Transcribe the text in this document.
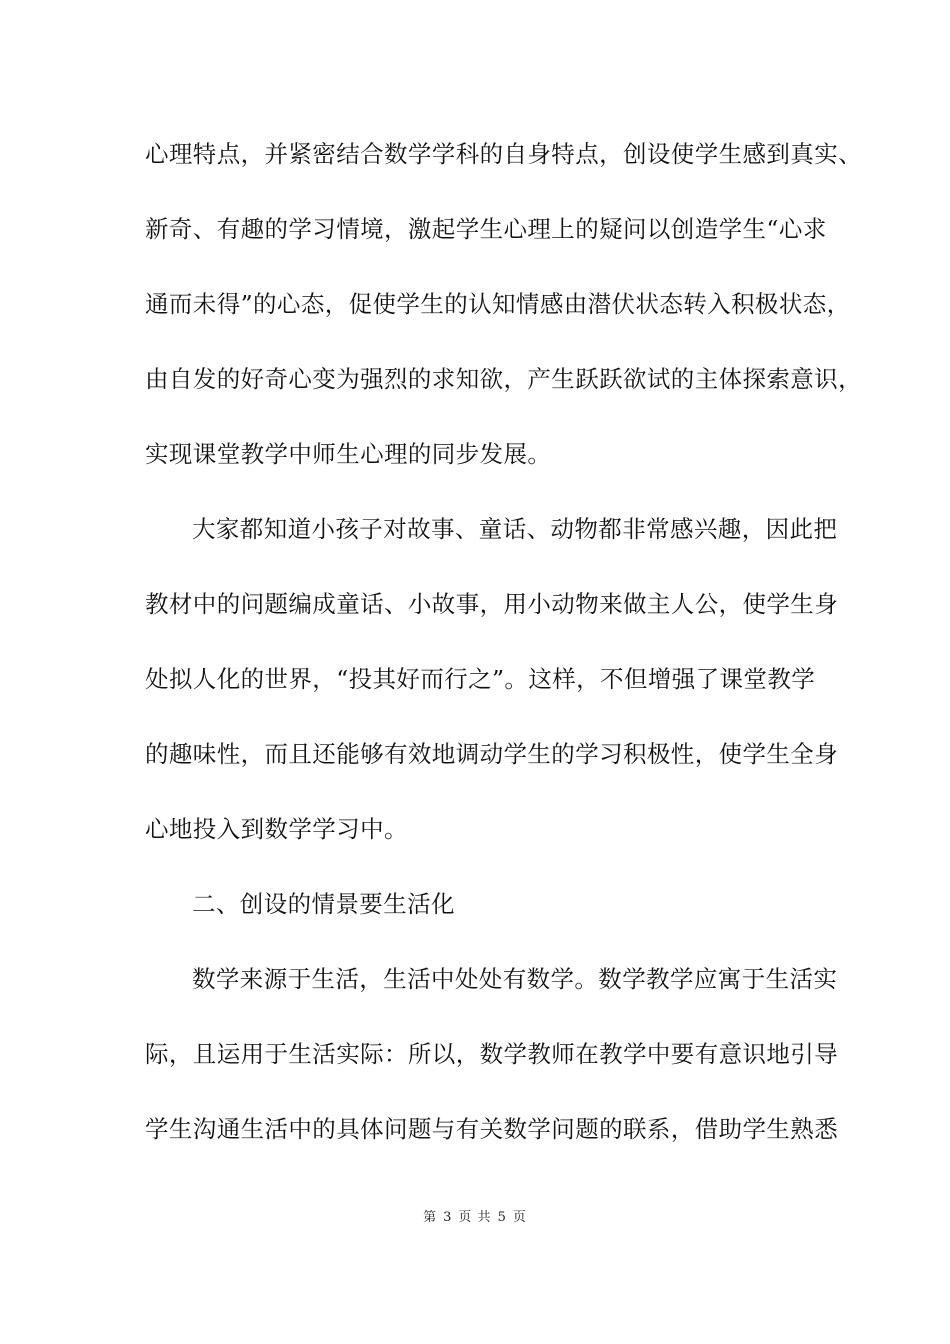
心理特点，并紧密结合数学学科的自身特点，创设使学生感到真实、
新奇、有趣的学习情境，激起学生心理上的疑问以创造学生“心求
通而未得”的心态，促使学生的认知情感由潜伏状态转入积极状态，
由自发的好奇心变为强烈的求知欲，产生跃跃欲试的主体探索意识，
实现课堂教学中师生心理的同步发展。
大家都知道小孩子对故事、童话、动物都非常感兴趣，因此把
教材中的问题编成童话、小故事，用小动物来做主人公，使学生身
处拟人化的世界，“投其好而行之”。这样，不但增强了课堂教学
的趣味性，而且还能够有效地调动学生的学习积极性，使学生全身
心地投入到数学学习中。
二、创设的情景要生活化
数学来源于生活，生活中处处有数学。数学教学应寓于生活实
际，且运用于生活实际：所以，数学教师在教学中要有意识地引导
学生沟通生活中的具体问题与有关数学问题的联系，借助学生熟悉
第 3 页 共 5 页
